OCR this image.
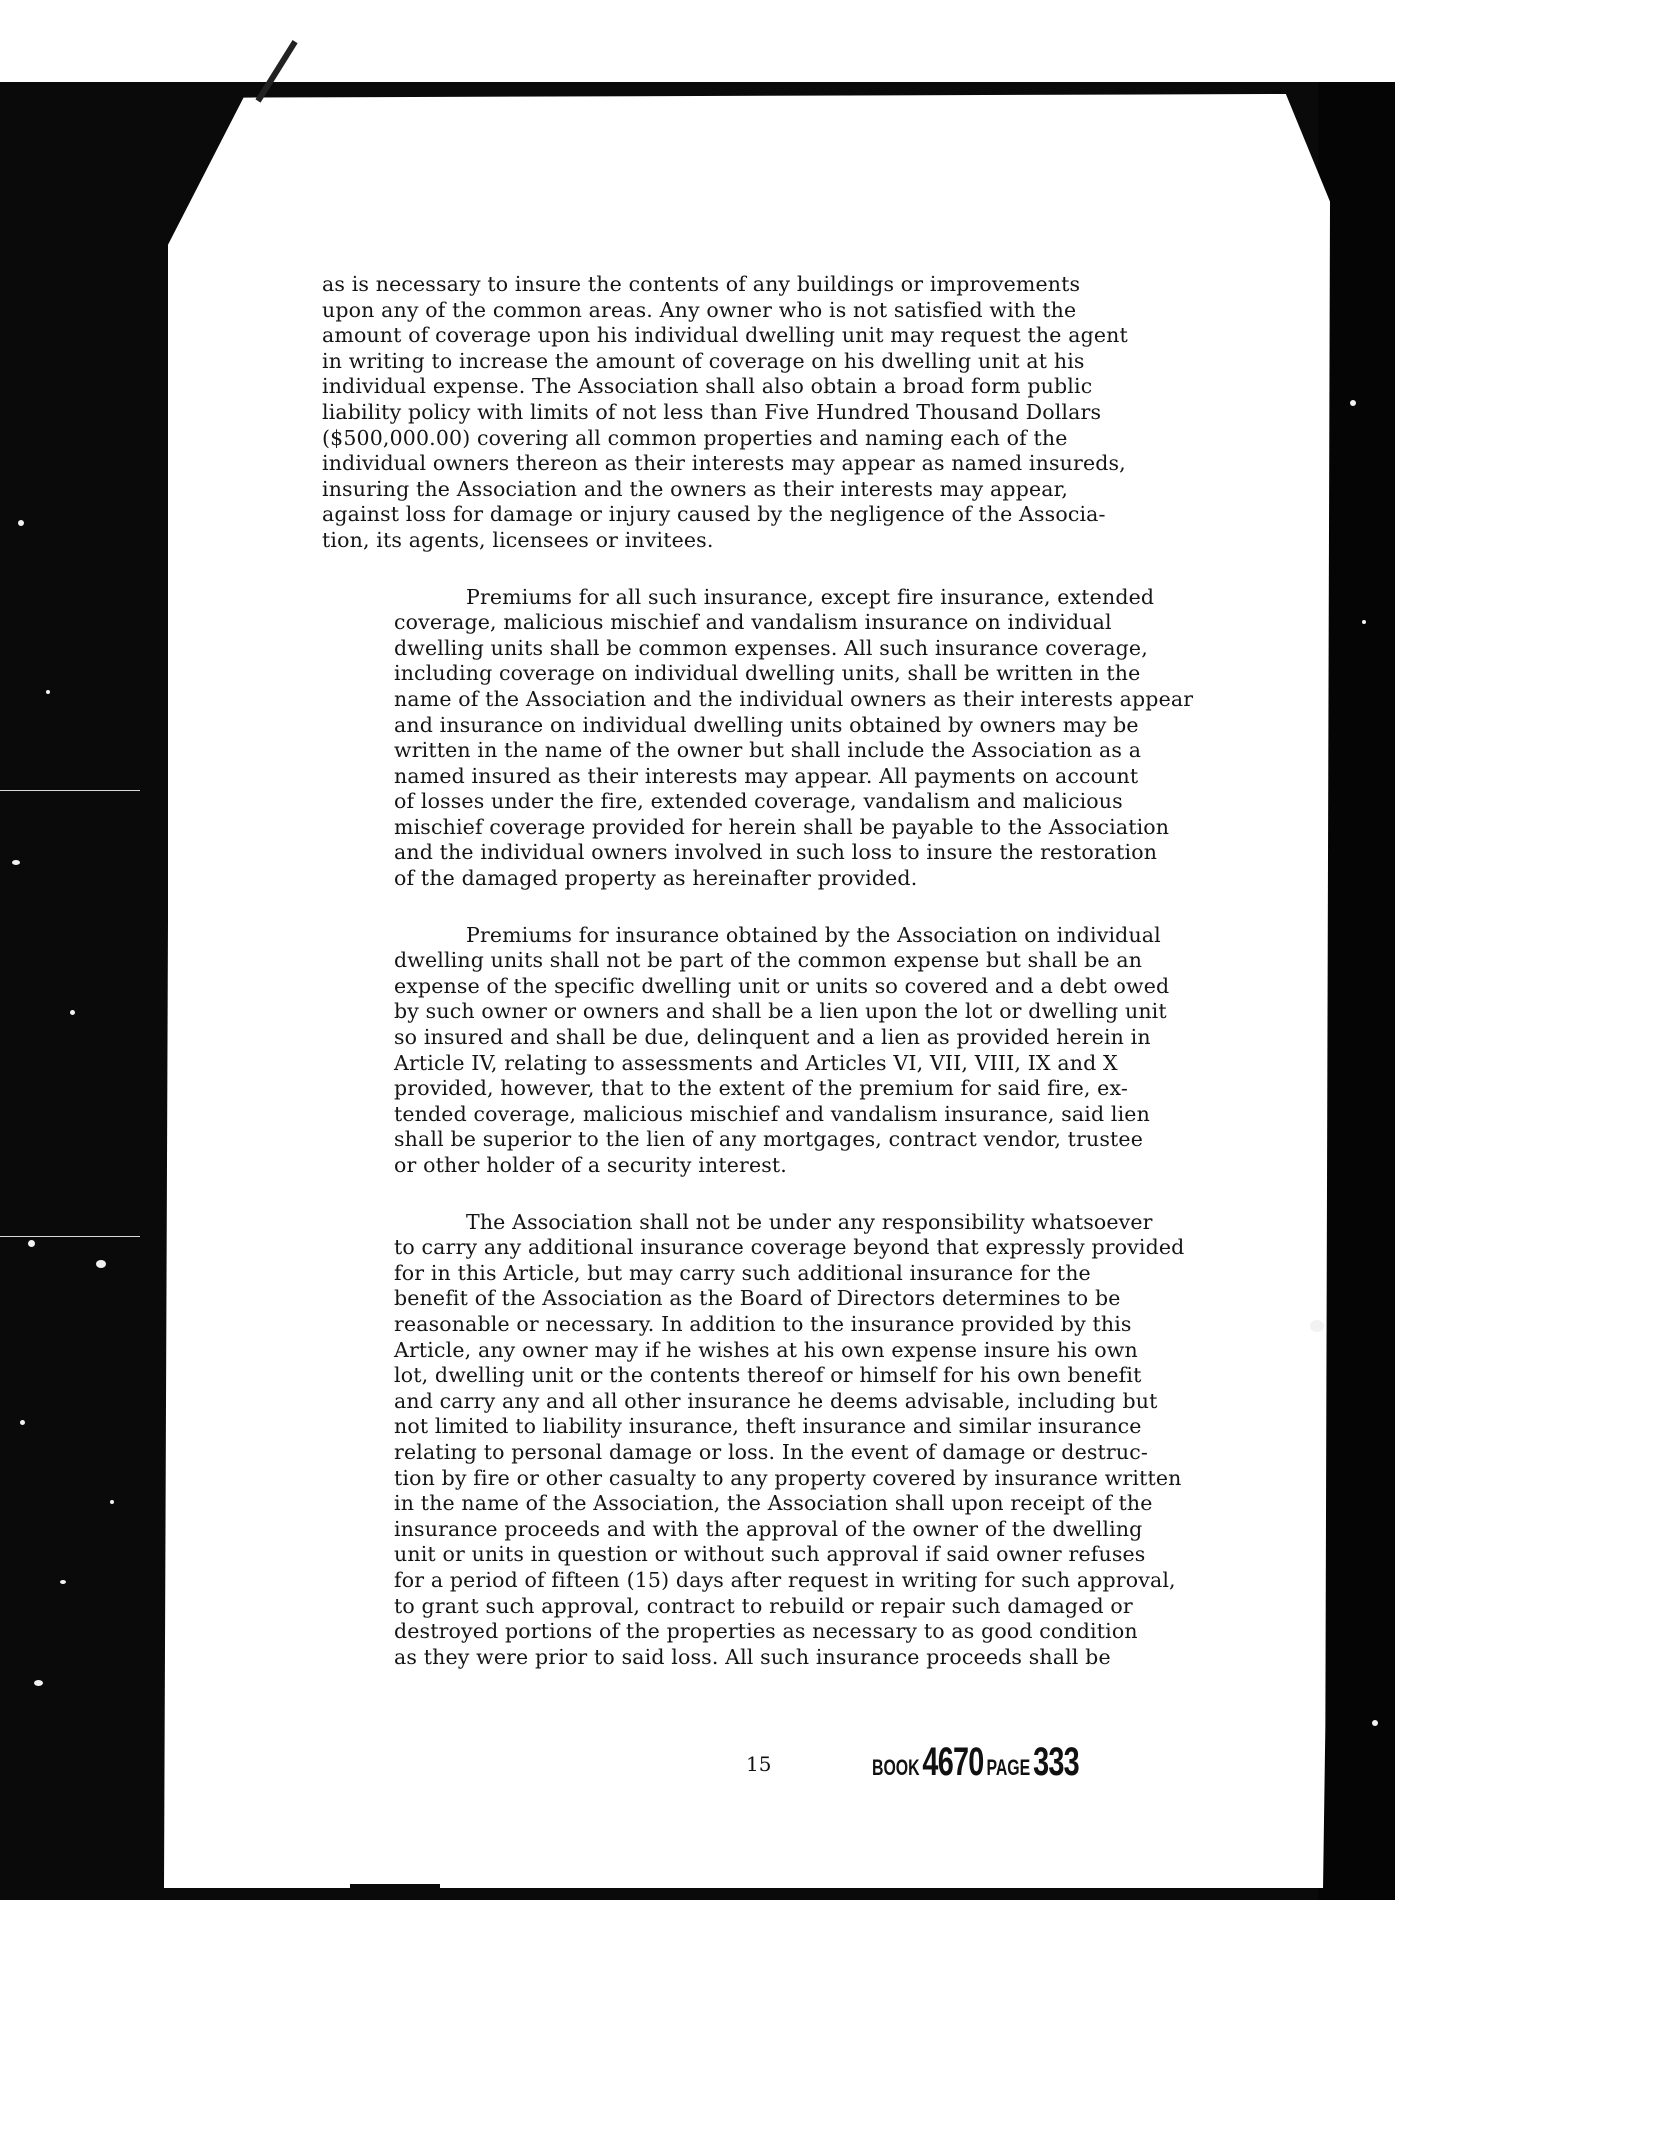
as is necessary to insure the contents of any buildings or improvements
upon any of the common areas. Any owner who is not satisfied with the
amount of coverage upon his individual dwelling unit may request the agent
in writing to increase the amount of coverage on his dwelling unit at his
individual expense. The Association shall also obtain a broad form public
liability policy with limits of not less than Five Hundred Thousand Dollars
($500,000.00) covering all common properties and naming each of the
individual owners thereon as their interests may appear as named insureds,
insuring the Association and the owners as their interests may appear,
against loss for damage or injury caused by the negligence of the Associa-
tion, its agents, licensees or invitees.

Premiums for all such insurance, except fire insurance, extended
coverage, malicious mischief and vandalism insurance on individual
dwelling units shall be common expenses. All such insurance coverage,
including coverage on individual dwelling units, shall be written in the
name of the Association and the individual owners as their interests appear
and insurance on individual dwelling units obtained by owners may be
written in the name of the owner but shall include the Association as a
named insured as their interests may appear. All payments on account
of losses under the fire, extended coverage, vandalism and malicious
mischief coverage provided for herein shall be payable to the Association
and the individual owners involved in such loss to insure the restoration
of the damaged property as hereinafter provided.

Premiums for insurance obtained by the Association on individual
dwelling units shall not be part of the common expense but shall be an
expense of the specific dwelling unit or units so covered and a debt owed
by such owner or owners and shall be a lien upon the lot or dwelling unit
so insured and shall be due, delinquent and a lien as provided herein in
Article IV, relating to assessments and Articles VI, VII, VIII, IX and X
provided, however, that to the extent of the premium for said fire, ex-
tended coverage, malicious mischief and vandalism insurance, said lien
shall be superior to the lien of any mortgages, contract vendor, trustee
or other holder of a security interest.

The Association shall not be under any responsibility whatsoever
to carry any additional insurance coverage beyond that expressly provided
for in this Article, but may carry such additional insurance for the
benefit of the Association as the Board of Directors determines to be
reasonable or necessary. In addition to the insurance provided by this
Article, any owner may if he wishes at his own expense insure his own
lot, dwelling unit or the contents thereof or himself for his own benefit
and carry any and all other insurance he deems advisable, including but
not limited to liability insurance, theft insurance and similar insurance
relating to personal damage or loss. In the event of damage or destruc-
tion by fire or other casualty to any property covered by insurance written
in the name of the Association, the Association shall upon receipt of the
insurance proceeds and with the approval of the owner of the dwelling
unit or units in question or without such approval if said owner refuses
for a period of fifteen (15) days after request in writing for such approval,
to grant such approval, contract to rebuild or repair such damaged or
destroyed portions of the properties as necessary to as good condition
as they were prior to said loss. All such insurance proceeds shall be

15	BOOK 4670 PAGE 333
